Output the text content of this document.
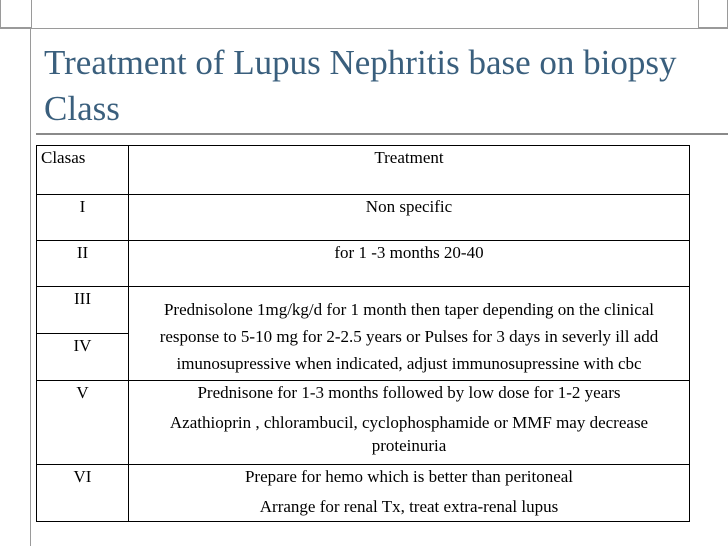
Treatment of Lupus Nephritis base on biopsy Class
Clasas	Treatment
I	Non specific
II	for 1 -3 months 20-40
III	Prednisolone 1mg/kg/d for 1 month then taper depending on the clinical response to 5-10 mg for 2-2.5 years or Pulses for 3 days in severly ill add imunosupressive when indicated, adjust immunosupressine with cbc
IV	
V	Prednisone for 1-3 months followed by low dose for 1-2 years
Azathioprin , chlorambucil, cyclophosphamide or MMF may decrease proteinuria

VI	Prepare for hemo which is better than peritoneal
Arrange for renal Tx, treat extra-renal lupus
